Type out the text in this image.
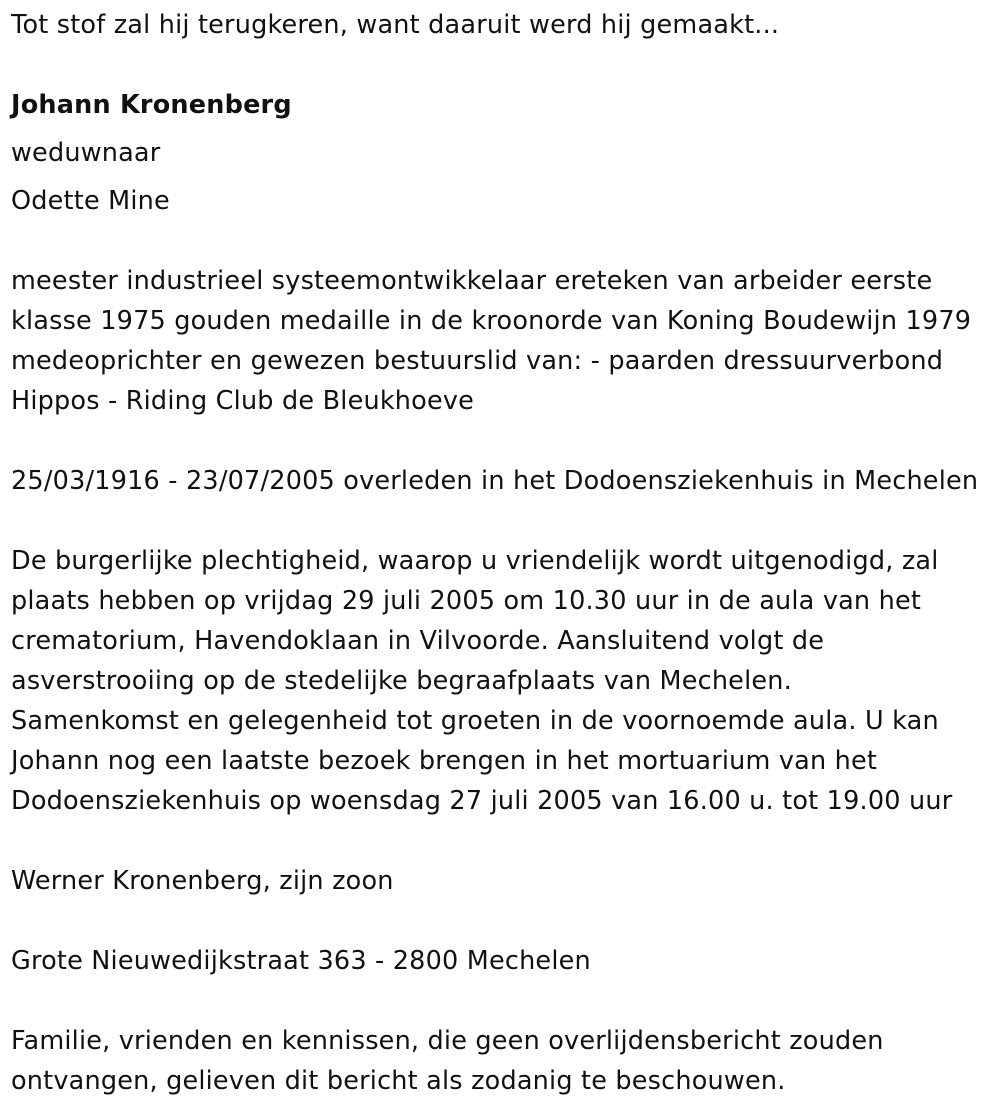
Tot stof zal hij terugkeren, want daaruit werd hij gemaakt...
Johann Kronenberg
weduwnaar
Odette Mine
meester industrieel systeemontwikkelaar ereteken van arbeider eerste
klasse 1975 gouden medaille in de kroonorde van Koning Boudewijn 1979
medeoprichter en gewezen bestuurslid van: - paarden dressuurverbond
Hippos - Riding Club de Bleukhoeve
25/03/1916 - 23/07/2005 overleden in het Dodoensziekenhuis in Mechelen
De burgerlijke plechtigheid, waarop u vriendelijk wordt uitgenodigd, zal
plaats hebben op vrijdag 29 juli 2005 om 10.30 uur in de aula van het
crematorium, Havendoklaan in Vilvoorde. Aansluitend volgt de
asverstrooiing op de stedelijke begraafplaats van Mechelen.
Samenkomst en gelegenheid tot groeten in de voornoemde aula. U kan
Johann nog een laatste bezoek brengen in het mortuarium van het
Dodoensziekenhuis op woensdag 27 juli 2005 van 16.00 u. tot 19.00 uur
Werner Kronenberg, zijn zoon
Grote Nieuwedijkstraat 363 - 2800 Mechelen
Familie, vrienden en kennissen, die geen overlijdensbericht zouden
ontvangen, gelieven dit bericht als zodanig te beschouwen.
